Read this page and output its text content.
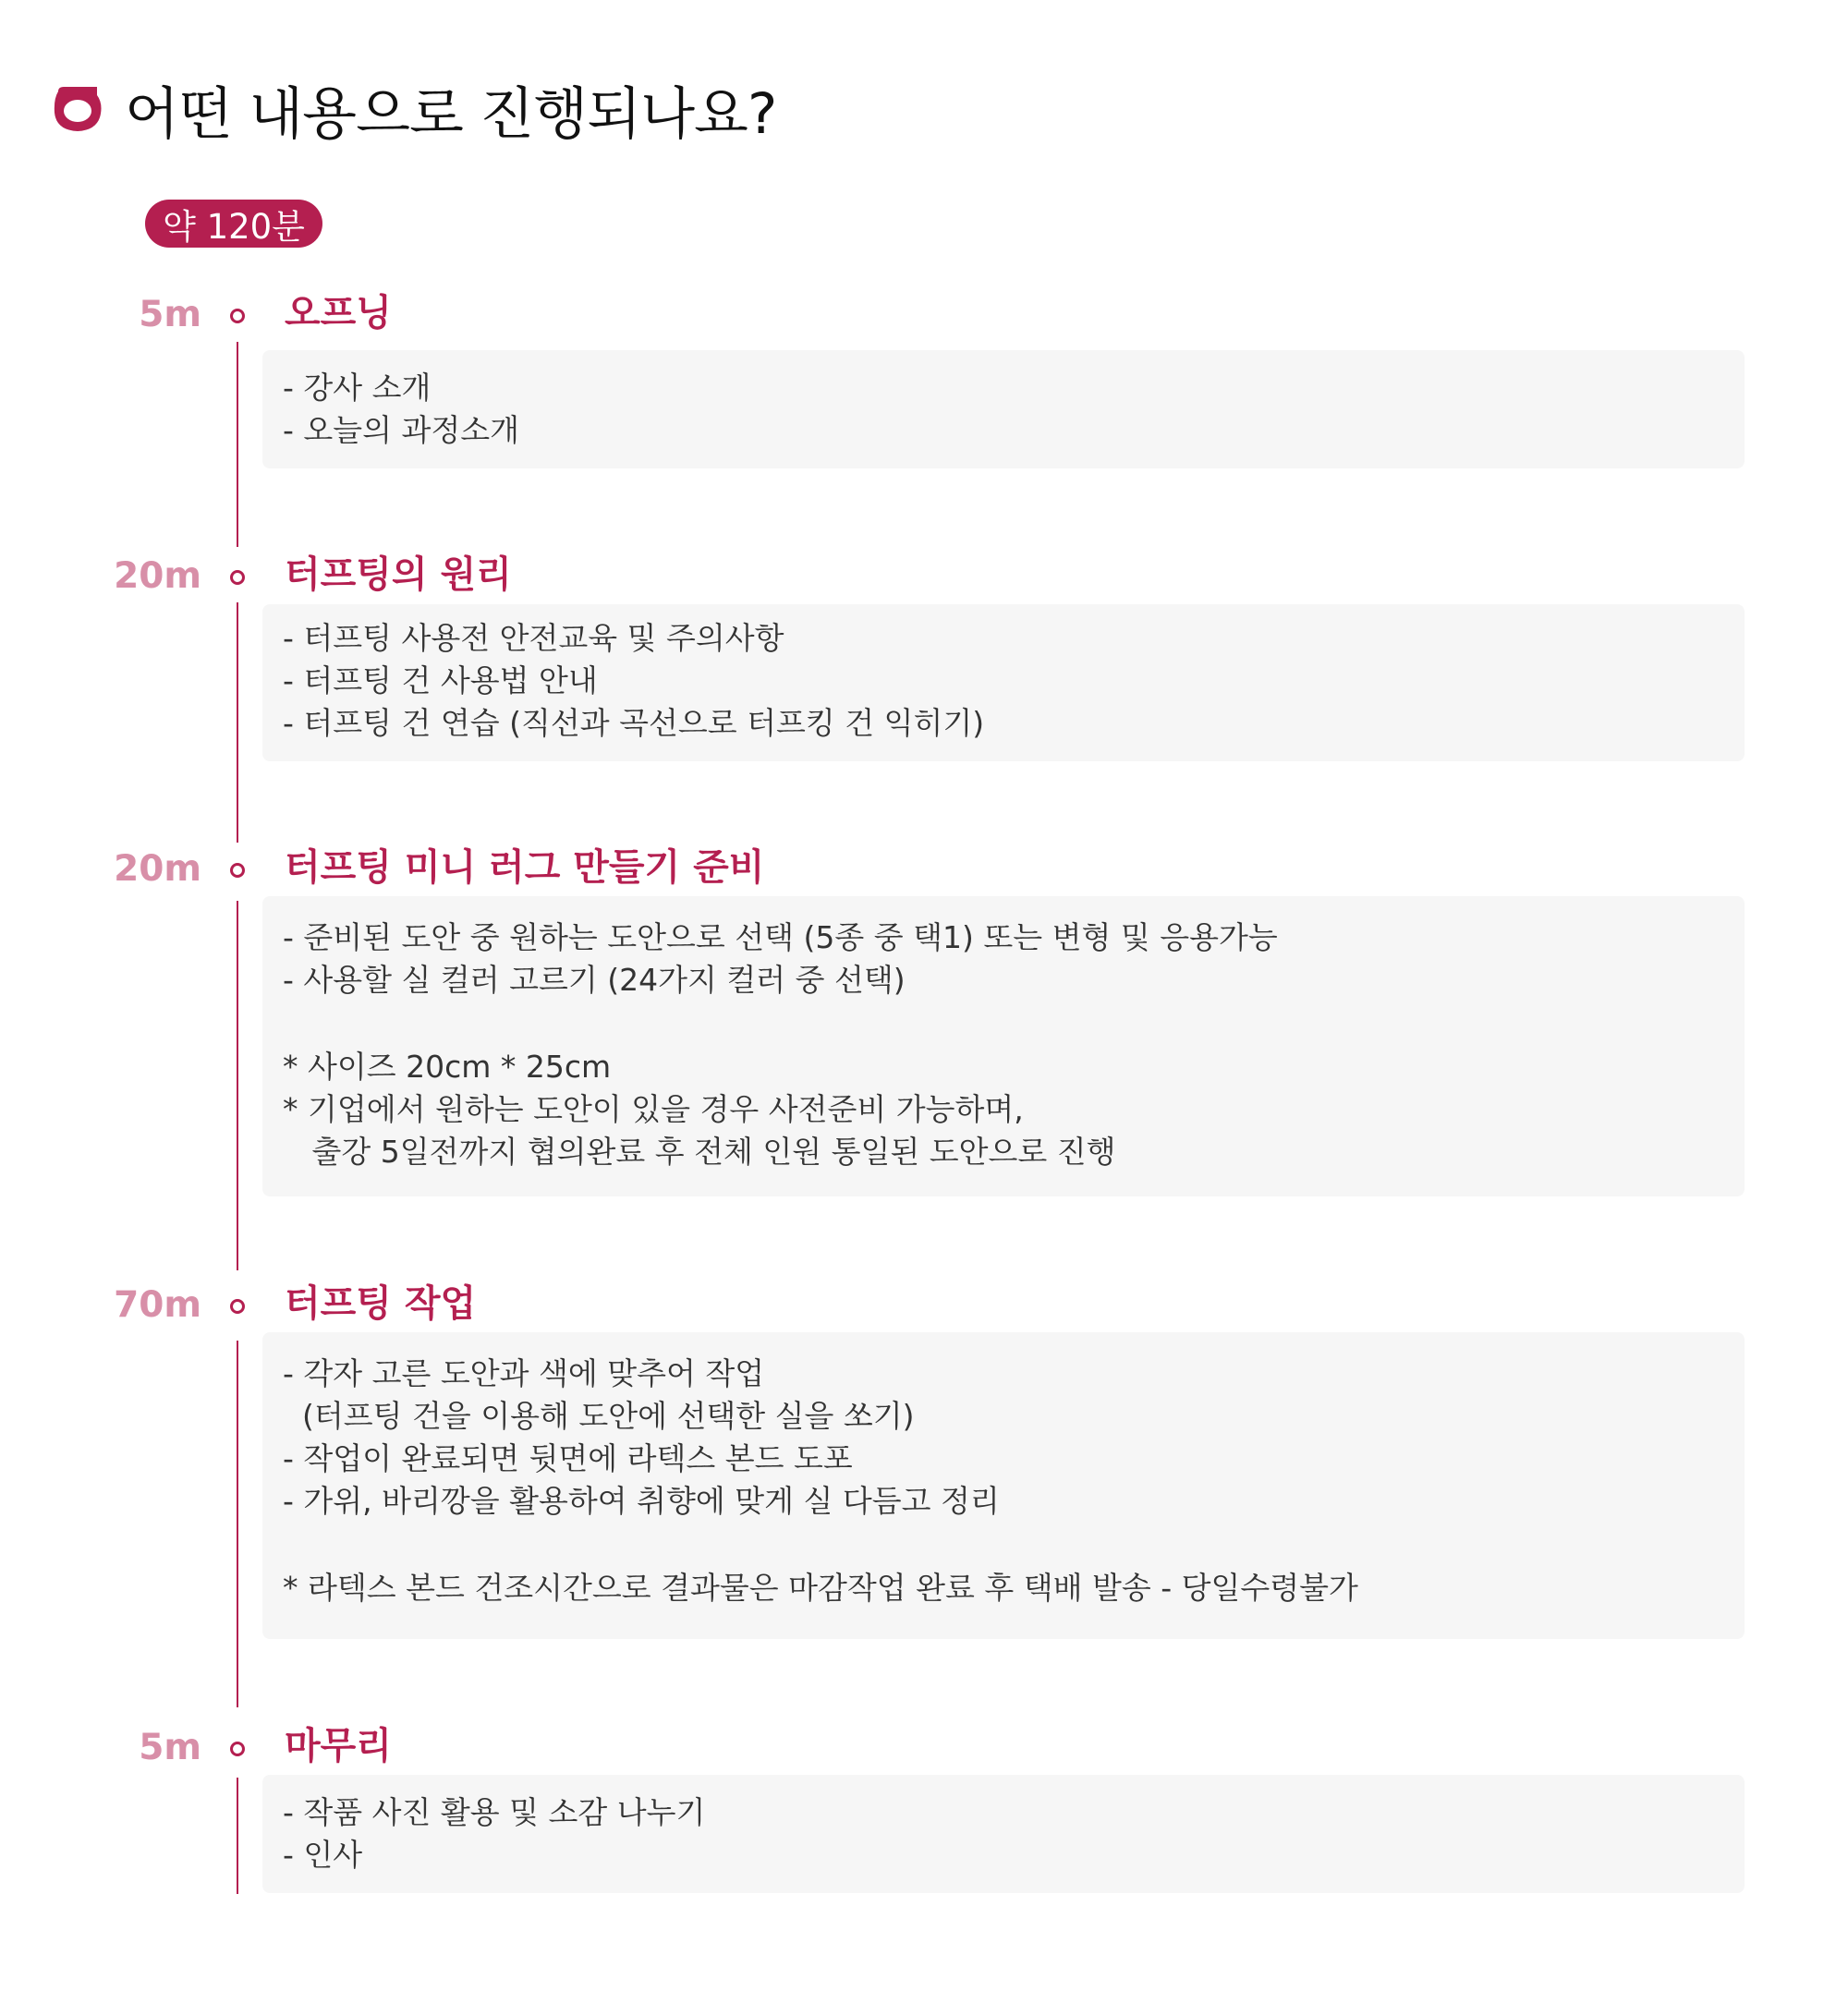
어떤 내용으로 진행되나요?
약 120분
5m 오프닝
- 강사 소개
- 오늘의 과정소개
20m 터프팅의 원리
- 터프팅 사용전 안전교육 및 주의사항
- 터프팅 건 사용법 안내
- 터프팅 건 연습 (직선과 곡선으로 터프킹 건 익히기)
20m 터프팅 미니 러그 만들기 준비
- 준비된 도안 중 원하는 도안으로 선택 (5종 중 택1) 또는 변형 및 응용가능
- 사용할 실 컬러 고르기 (24가지 컬러 중 선택)
* 사이즈 20cm * 25cm
* 기업에서 원하는 도안이 있을 경우 사전준비 가능하며,
출강 5일전까지 협의완료 후 전체 인원 통일된 도안으로 진행
70m 터프팅 작업
- 각자 고른 도안과 색에 맞추어 작업
(터프팅 건을 이용해 도안에 선택한 실을 쏘기)
- 작업이 완료되면 뒷면에 라텍스 본드 도포
- 가위, 바리깡을 활용하여 취향에 맞게 실 다듬고 정리
* 라텍스 본드 건조시간으로 결과물은 마감작업 완료 후 택배 발송 - 당일수령불가
5m 마무리
- 작품 사진 활용 및 소감 나누기
- 인사
